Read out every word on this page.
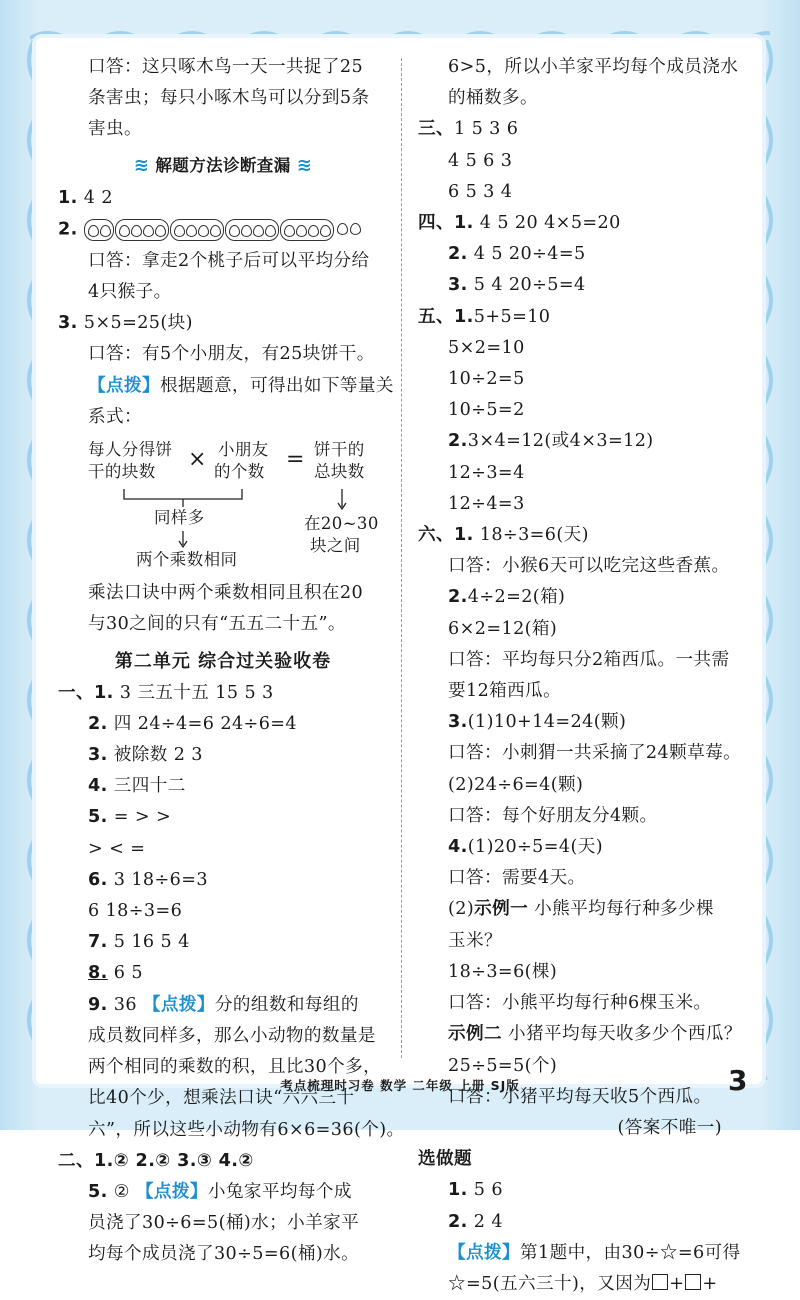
口答：这只啄木鸟一天一共捉了25
条害虫；每只小啄木鸟可以分到5条
害虫。
≋ 解题方法诊断查漏 ≋
1. 4 2
2.
口答：拿走2个桃子后可以平均分给
4只猴子。
3. 5×5=25(块)
口答：有5个小朋友，有25块饼干。
【点拨】根据题意，可得出如下等量关
系式：
每人分得饼
干的块数 × 小朋友
的个数 = 饼干的
总块数
同样多	在20~30
块之间
两个乘数相同
乘法口诀中两个乘数相同且积在20
与30之间的只有“五五二十五”。
第二单元 综合过关验收卷
一、1. 3 三五十五 15 5 3
2. 四 24÷4=6 24÷6=4
3. 被除数 2 3
4. 三四十二
5. = > >
> < =
6. 3 18÷6=3
6 18÷3=6
7. 5 16 5 4
8. 6 5
9. 36 【点拨】分的组数和每组的
成员数同样多，那么小动物的数量是
两个相同的乘数的积，且比30个多，
比40个少，想乘法口诀“六六三十
六”，所以这些小动物有6×6=36(个)。
二、1.② 2.② 3.③ 4.②
5. ② 【点拨】小兔家平均每个成
员浇了30÷6=5(桶)水；小羊家平
均每个成员浇了30÷5=6(桶)水。
6>5，所以小羊家平均每个成员浇水
的桶数多。
三、1 5 3 6
4 5 6 3
6 5 3 4
四、1. 4 5 20 4×5=20
2. 4 5 20÷4=5
3. 5 4 20÷5=4
五、1.5+5=10
5×2=10
10÷2=5
10÷5=2
2.3×4=12(或4×3=12)
12÷3=4
12÷4=3
六、1. 18÷3=6(天)
口答：小猴6天可以吃完这些香蕉。
2.4÷2=2(箱)
6×2=12(箱)
口答：平均每只分2箱西瓜。一共需
要12箱西瓜。
3.(1)10+14=24(颗)
口答：小刺猬一共采摘了24颗草莓。
(2)24÷6=4(颗)
口答：每个好朋友分4颗。
4.(1)20÷5=4(天)
口答：需要4天。
(2)示例一 小熊平均每行种多少棵
玉米？
18÷3=6(棵)
口答：小熊平均每行种6棵玉米。
示例二 小猪平均每天收多少个西瓜？
25÷5=5(个)
口答：小猪平均每天收5个西瓜。
(答案不唯一)
选做题
1. 5 6
2. 2 4
【点拨】第1题中，由30÷☆=6可得
☆=5(五六三十)，又因为 + +
考点梳理时习卷 数学 二年级 上册 SJ版	3
